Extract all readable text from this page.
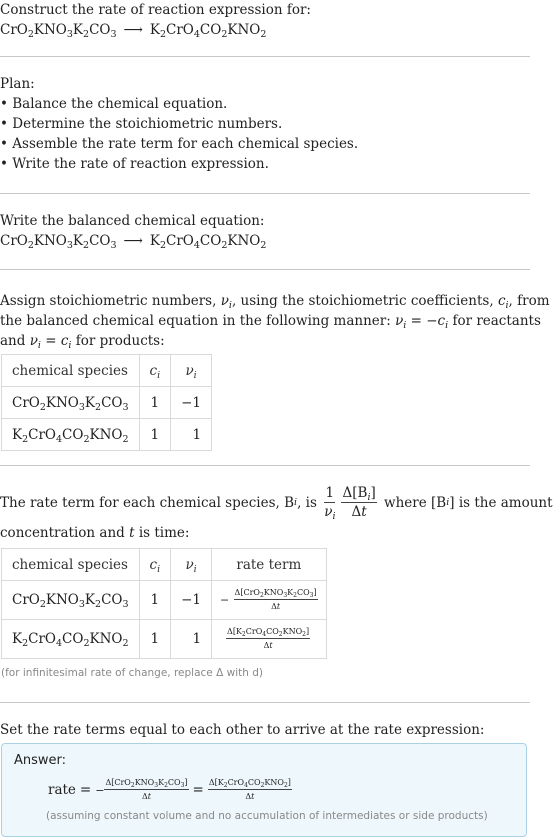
Construct the rate of reaction expression for:
$CrO_2KNO_3K_2CO_3$ ⟶ $K_2CrO_4CO_2KNO_2$
Plan:
• Balance the chemical equation.
• Determine the stoichiometric numbers.
• Assemble the rate term for each chemical species.
• Write the rate of reaction expression.
Write the balanced chemical equation:
$CrO_2KNO_3K_2CO_3$ ⟶ $K_2CrO_4CO_2KNO_2$
Assign stoichiometric numbers, $\nu_i$, using the stoichiometric coefficients, $c_i$, from
the balanced chemical equation in the following manner: $\nu_i = -c_i$ for reactants
and $\nu_i = c_i$ for products:
chemical species	$c_i$	$\nu_i$
$CrO_2KNO_3K_2CO_3$	1	−1
$K_2CrO_4CO_2KNO_2$	1	1
The rate term for each chemical species, B i , is $\frac{1}{\nu_i} \frac{\Delta[B_i]}{\Delta t}$ where [B i ] is the amount
concentration and t is time:
chemical species	$c_i$	$\nu_i$	rate term
$CrO_2KNO_3K_2CO_3$	1	−1	− $\frac{\Delta[CrO_2KNO_3K_2CO_3]}{\Delta t}$

$K_2CrO_4CO_2KNO_2$	1	1	$\frac{\Delta[K_2CrO_4CO_2KNO_2]}{\Delta t}$
(for infinitesimal rate of change, replace Δ with d)
Set the rate terms equal to each other to arrive at the rate expression:
Answer:
rate = − $\frac{\Delta[CrO_2KNO_3K_2CO_3]}{\Delta t} = \frac{\Delta[K_2CrO_4CO_2KNO_2]}{\Delta t}$
(assuming constant volume and no accumulation of intermediates or side products)
